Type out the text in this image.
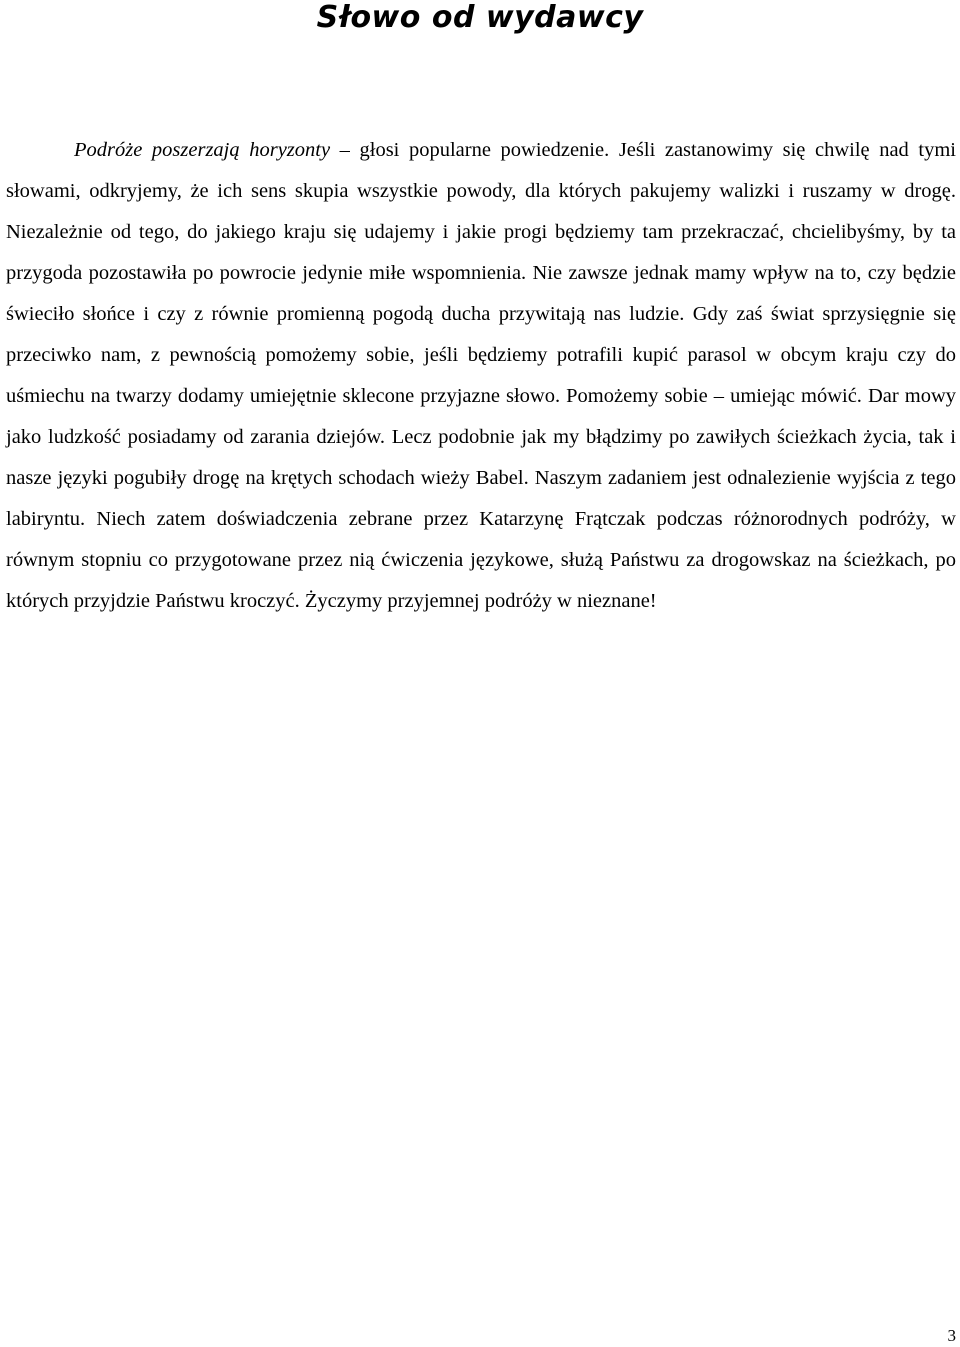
Słowo od wydawcy

Podróże poszerzają horyzonty – głosi popularne powiedzenie. Jeśli zastanowimy się chwilę nad tymi słowami, odkryjemy, że ich sens skupia wszystkie powody, dla których pakujemy walizki i ruszamy w drogę. Niezależnie od tego, do jakiego kraju się udajemy i jakie progi będziemy tam przekraczać, chcielibyśmy, by ta przygoda pozostawiła po powrocie jedynie miłe wspomnienia. Nie zawsze jednak mamy wpływ na to, czy będzie świeciło słońce i czy z równie promienną pogodą ducha przywitają nas ludzie. Gdy zaś świat sprzysięgnie się przeciwko nam, z pewnością pomożemy sobie, jeśli będziemy potrafili kupić parasol w obcym kraju czy do uśmiechu na twarzy dodamy umiejętnie sklecone przyjazne słowo. Pomożemy sobie – umiejąc mówić. Dar mowy jako ludzkość posiadamy od zarania dziejów. Lecz podobnie jak my błądzimy po zawiłych ścieżkach życia, tak i nasze języki pogubiły drogę na krętych schodach wieży Babel. Naszym zadaniem jest odnalezienie wyjścia z tego labiryntu. Niech zatem doświadczenia zebrane przez Katarzynę Frątczak podczas różnorodnych podróży, w równym stopniu co przygotowane przez nią ćwiczenia językowe, służą Państwu za drogowskaz na ścieżkach, po których przyjdzie Państwu kroczyć. Życzymy przyjemnej podróży w nieznane!

3
